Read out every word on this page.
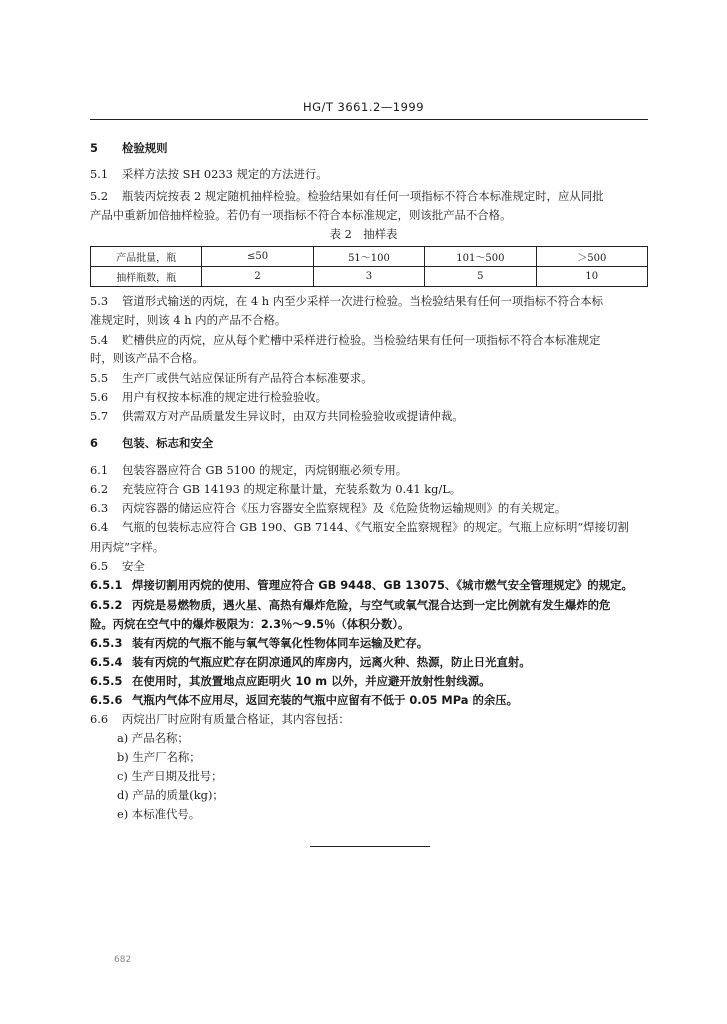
HG/T 3661.2—1999
5 检验规则
5.1 采样方法按 SH 0233 规定的方法进行。
5.2 瓶装丙烷按表 2 规定随机抽样检验。检验结果如有任何一项指标不符合本标准规定时，应从同批
产品中重新加倍抽样检验。若仍有一项指标不符合本标准规定，则该批产品不合格。
表 2　抽样表
产品批量，瓶	≤50	51～100	101～500	＞500
抽样瓶数，瓶	2	3	5	10
5.3 管道形式输送的丙烷，在 4 h 内至少采样一次进行检验。当检验结果有任何一项指标不符合本标
准规定时，则该 4 h 内的产品不合格。
5.4 贮槽供应的丙烷，应从每个贮槽中采样进行检验。当检验结果有任何一项指标不符合本标准规定
时，则该产品不合格。
5.5 生产厂或供气站应保证所有产品符合本标准要求。
5.6 用户有权按本标准的规定进行检验验收。
5.7 供需双方对产品质量发生异议时，由双方共同检验验收或提请仲裁。
6 包装、标志和安全
6.1 包装容器应符合 GB 5100 的规定，丙烷钢瓶必须专用。
6.2 充装应符合 GB 14193 的规定称量计量，充装系数为 0.41 kg/L。
6.3 丙烷容器的储运应符合《压力容器安全监察规程》及《危险货物运输规则》的有关规定。
6.4 气瓶的包装标志应符合 GB 190、GB 7144、《气瓶安全监察规程》的规定。气瓶上应标明“焊接切割
用丙烷”字样。
6.5 安全
6.5.1 焊接切割用丙烷的使用、管理应符合 GB 9448、GB 13075、《城市燃气安全管理规定》的规定。
6.5.2 丙烷是易燃物质，遇火星、高热有爆炸危险，与空气或氧气混合达到一定比例就有发生爆炸的危
险。丙烷在空气中的爆炸极限为：2.3％～9.5％（体积分数）。
6.5.3 装有丙烷的气瓶不能与氧气等氧化性物体同车运输及贮存。
6.5.4 装有丙烷的气瓶应贮存在阴凉通风的库房内，远离火种、热源，防止日光直射。
6.5.5 在使用时，其放置地点应距明火 10 m 以外，并应避开放射性射线源。
6.5.6 气瓶内气体不应用尽，返回充装的气瓶中应留有不低于 0.05 MPa 的余压。
6.6 丙烷出厂时应附有质量合格证，其内容包括：
a) 产品名称；
b) 生产厂名称；
c) 生产日期及批号；
d) 产品的质量(kg)；
e) 本标准代号。
682
